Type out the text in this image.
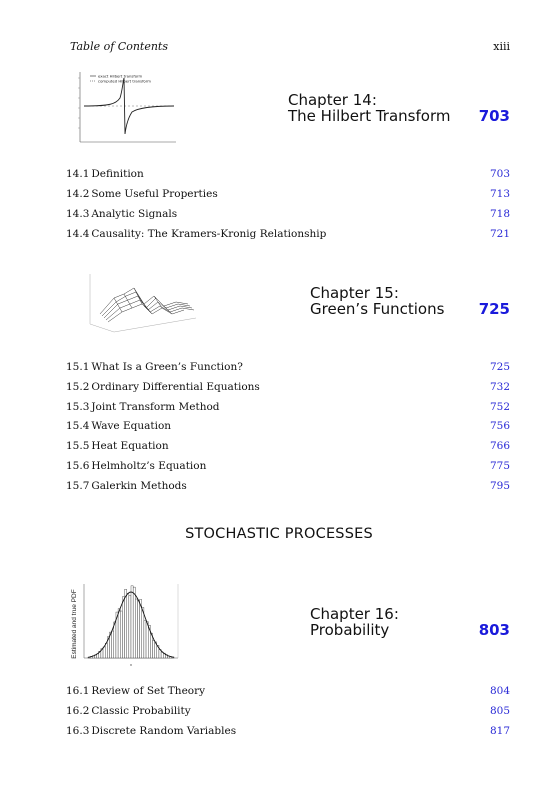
Table of Contents	xiii
exact Hilbert transform
computed Hilbert transform
Chapter 14:
The Hilbert Transform 703
14.1 Definition	703
14.2 Some Useful Properties	713
14.3 Analytic Signals	718
14.4 Causality: The Kramers-Kronig Relationship	721
Chapter 15:
Green’s Functions 725
15.1 What Is a Green’s Function?	725
15.2 Ordinary Differential Equations	732
15.3 Joint Transform Method	752
15.4 Wave Equation	756
15.5 Heat Equation	766
15.6 Helmholtz’s Equation	775
15.7 Galerkin Methods	795
STOCHASTIC PROCESSES
Estimated and true PDF
x
Chapter 16:
Probability	803
16.1 Review of Set Theory	804
16.2 Classic Probability	805
16.3 Discrete Random Variables	817
